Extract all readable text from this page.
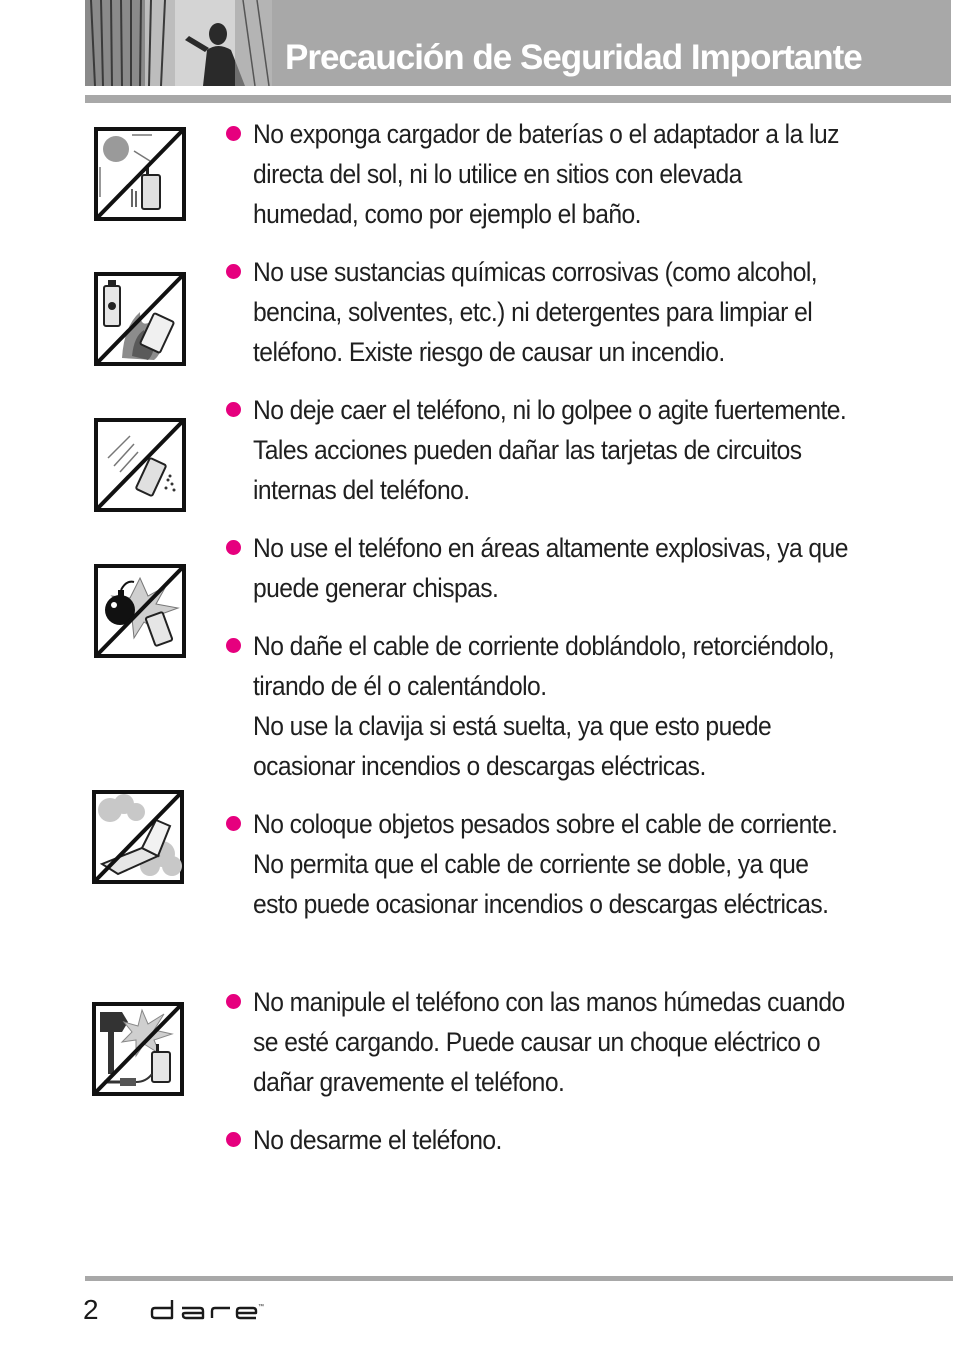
Precaución de Seguridad Importante

No exponga cargador de baterías o el adaptador a la luz directa del sol, ni lo utilice en sitios con elevada humedad, como por ejemplo el baño.

No use sustancias químicas corrosivas (como alcohol, bencina, solventes, etc.) ni detergentes para limpiar el teléfono. Existe riesgo de causar un incendio.

No deje caer el teléfono, ni lo golpee o agite fuertemente. Tales acciones pueden dañar las tarjetas de circuitos internas del teléfono.

No use el teléfono en áreas altamente explosivas, ya que puede generar chispas.

No dañe el cable de corriente doblándolo, retorciéndolo, tirando de él o calentándolo.

No use la clavija si está suelta, ya que esto puede ocasionar incendios o descargas eléctricas.

No coloque objetos pesados sobre el cable de corriente. No permita que el cable de corriente se doble, ya que esto puede ocasionar incendios o descargas eléctricas.

No manipule el teléfono con las manos húmedas cuando se esté cargando. Puede causar un choque eléctrico o dañar gravemente el teléfono.

No desarme el teléfono.

2	™
